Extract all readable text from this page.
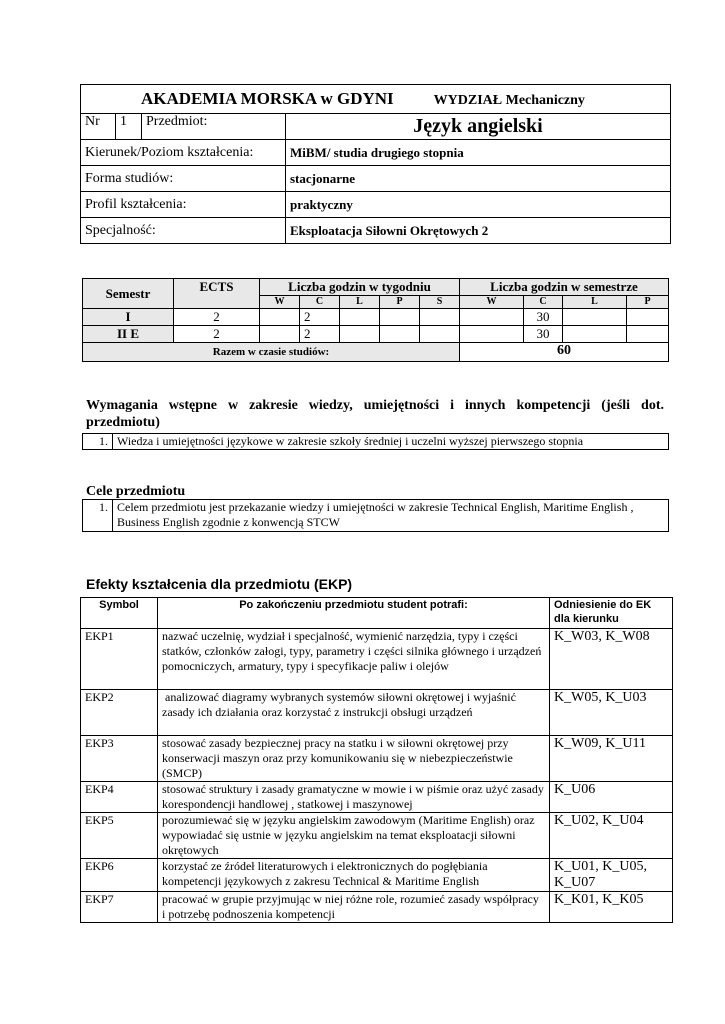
AKADEMIA MORSKA w GDYNI WYDZIAŁ Mechaniczny			
Nr	1	Przedmiot:	Język angielski
Kierunek/Poziom kształcenia:			MiBM/ studia drugiego stopnia
Forma studiów:			stacjonarne
Profil kształcenia:			praktyczny
Specjalność:			Eksploatacja Siłowni Okrętowych 2
Semestr	ECTS	Liczba godzin w tygodniu					Liczba godzin w semestrze			
		W	C	L	P	S	W	C	L	P
I	2		2					30		
II E	2		2					30		
Razem w czasie studiów:							60			
Wymagania wstępne w zakresie wiedzy, umiejętności i innych kompetencji (jeśli dot. przedmiotu)
1.	Wiedza i umiejętności językowe w zakresie szkoły średniej i uczelni wyższej pierwszego stopnia
Cele przedmiotu
1.	Celem przedmiotu jest przekazanie wiedzy i umiejętności w zakresie Technical English, Maritime English , Business English zgodnie z konwencją STCW
Efekty kształcenia dla przedmiotu (EKP)
Symbol	Po zakończeniu przedmiotu student potrafi:	Odniesienie do EK dla kierunku
EKP1	nazwać uczelnię, wydział i specjalność, wymienić narzędzia, typy i części statków, członków załogi, typy, parametry i części silnika głównego i urządzeń pomocniczych, armatury, typy i specyfikacje paliw i olejów	K_W03, K_W08
EKP2	analizować diagramy wybranych systemów siłowni okrętowej i wyjaśnić zasady ich działania oraz korzystać z instrukcji obsługi urządzeń	K_W05, K_U03
EKP3	stosować zasady bezpiecznej pracy na statku i w siłowni okrętowej przy konserwacji maszyn oraz przy komunikowaniu się w niebezpieczeństwie (SMCP)	K_W09, K_U11
EKP4	stosować struktury i zasady gramatyczne w mowie i w piśmie oraz użyć zasady korespondencji handlowej , statkowej i maszynowej	K_U06
EKP5	porozumiewać się w języku angielskim zawodowym (Maritime English) oraz wypowiadać się ustnie w języku angielskim na temat eksploatacji siłowni okrętowych	K_U02, K_U04
EKP6	korzystać ze źródeł literaturowych i elektronicznych do pogłębiania kompetencji językowych z zakresu Technical & Maritime English	K_U01, K_U05, K_U07
EKP7	pracować w grupie przyjmując w niej różne role, rozumieć zasady współpracy i potrzebę podnoszenia kompetencji	K_K01, K_K05
